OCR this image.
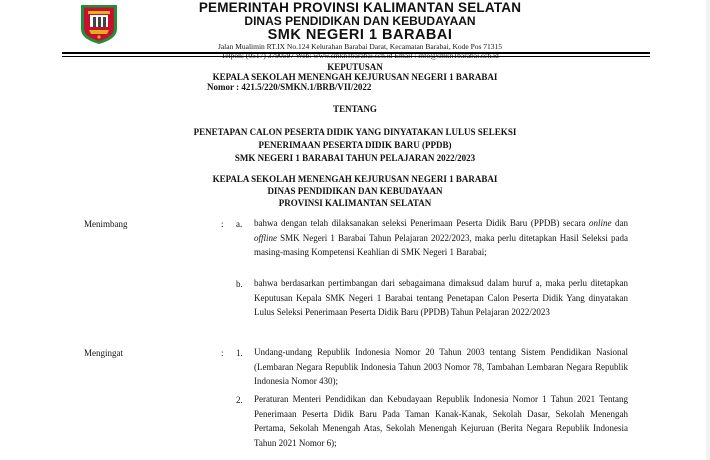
PEMERINTAH PROVINSI KALIMANTAN SELATAN
DINAS PENDIDIKAN DAN KEBUDAYAAN
SMK NEGERI 1 BARABAI
Jalan Mualimin RT.IX No.124 Kelurahan Barabai Darat, Kecamatan Barabai, Kode Pos 71315
KEPUTUSAN
KEPALA SEKOLAH MENENGAH KEJURUSAN NEGERI 1 BARABAI
Nomor : 421.5/220/SMKN.1/BRB/VII/2022
TENTANG
PENETAPAN CALON PESERTA DIDIK YANG DINYATAKAN LULUS SELEKSI
PENERIMAAN PESERTA DIDIK BARU (PPDB)
SMK NEGERI 1 BARABAI TAHUN PELAJARAN 2022/2023
KEPALA SEKOLAH MENENGAH KEJURUSAN NEGERI 1 BARABAI
DINAS PENDIDIKAN DAN KEBUDAYAAN
PROVINSI KALIMANTAN SELATAN
Menimbang	: a. bahwa dengan telah dilaksanakan seleksi Penerimaan Peserta Didik Baru (PPDB) secara online dan offline SMK Negeri 1 Barabai Tahun Pelajaran 2022/2023, maka perlu ditetapkan Hasil Seleksi pada masing-masing Kompetensi Keahlian di SMK Negeri 1 Barabai;
b. bahwa berdasarkan pertimbangan dari sebagaimana dimaksud dalam huruf a, maka perlu ditetapkan Keputusan Kepala SMK Negeri 1 Barabai tentang Penetapan Calon Peserta Didik Yang dinyatakan Lulus Seleksi Penerimaan Peserta Didik Baru (PPDB) Tahun Pelajaran 2022/2023
Mengingat	: 1. Undang-undang Republik Indonesia Nomor 20 Tahun 2003 tentang Sistem Pendidikan Nasional (Lembaran Negara Republik Indonesia Tahun 2003 Nomor 78, Tambahan Lembaran Negara Republik Indonesia Nomor 430);
2. Peraturan Menteri Pendidikan dan Kebudayaan Republik Indonesia Nomor 1 Tahun 2021 Tentang Penerimaan Peserta Didik Baru Pada Taman Kanak-Kanak, Sekolah Dasar, Sekolah Menengah Pertama, Sekolah Menengah Atas, Sekolah Menengah Kejuruan (Berita Negara Republik Indonesia Tahun 2021 Nomor 6);
